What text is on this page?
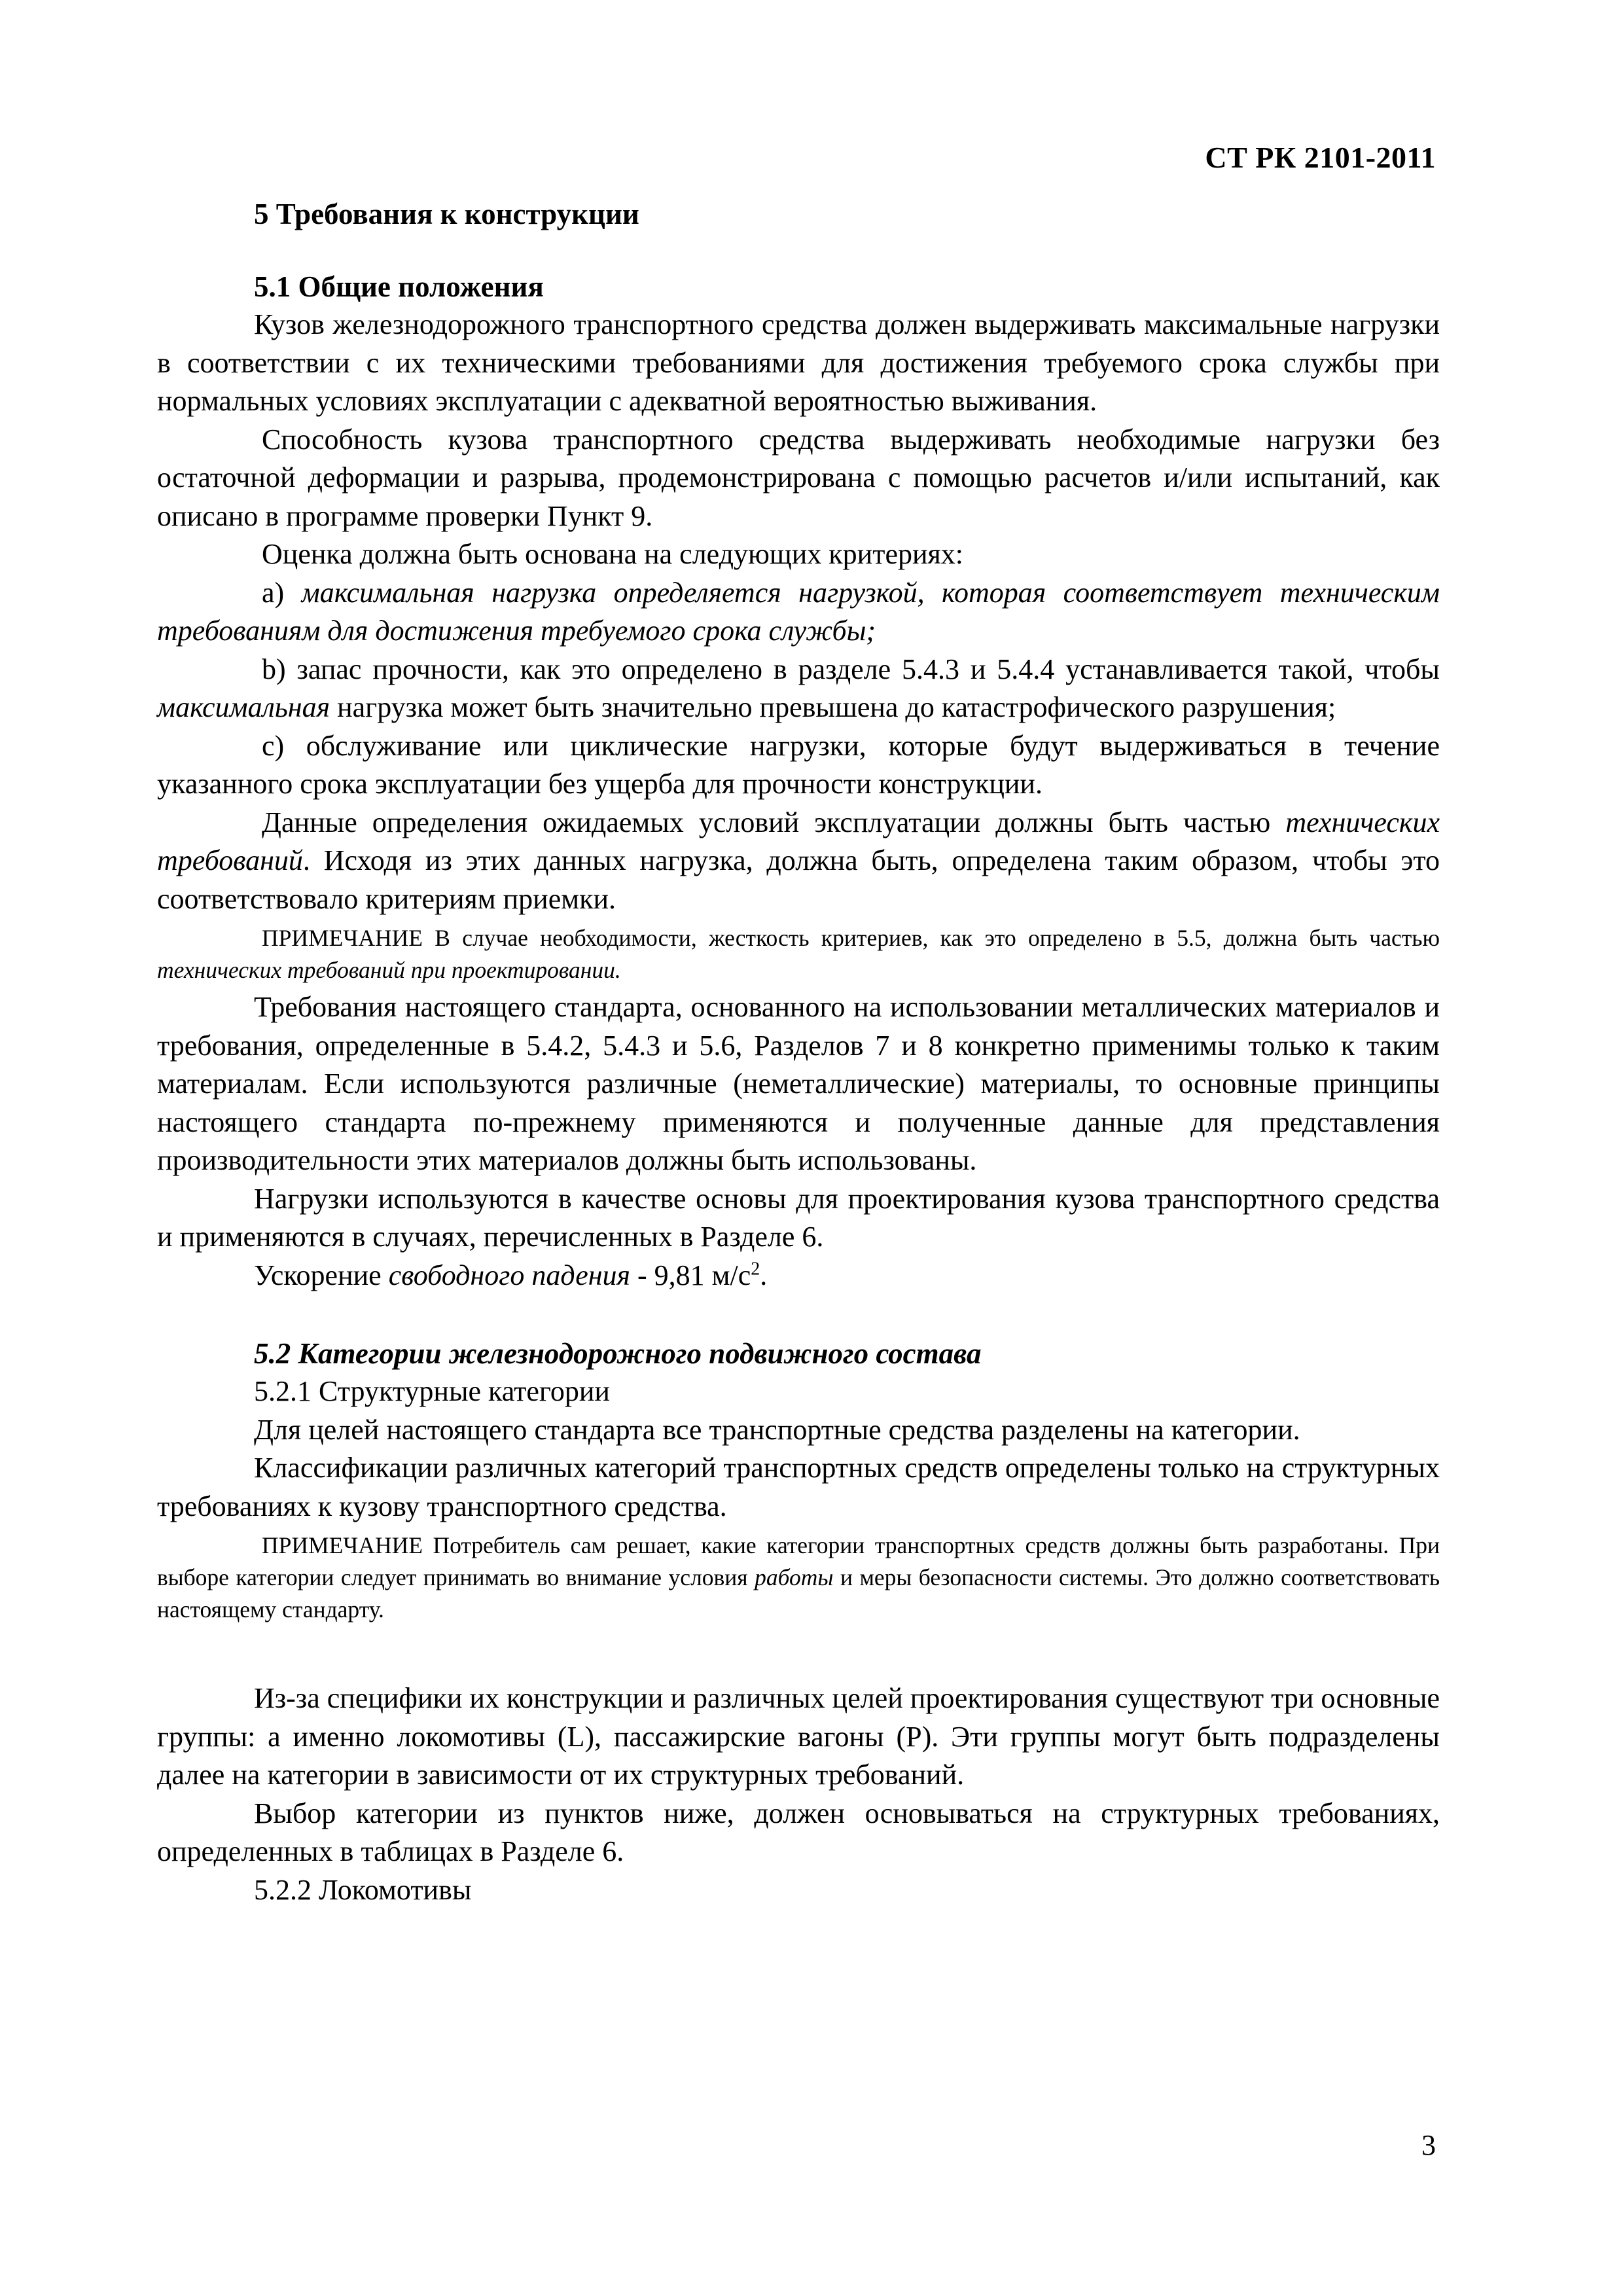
СТ РК 2101-2011
5 Требования к конструкции
5.1 Общие положения

Кузов железнодорожного транспортного средства должен выдерживать максимальные нагрузки в соответствии с их техническими требованиями для достижения требуемого срока службы при нормальных условиях эксплуатации с адекватной вероятностью выживания.

Способность кузова транспортного средства выдерживать необходимые нагрузки без остаточной деформации и разрыва, продемонстрирована с помощью расчетов и/или испытаний, как описано в программе проверки Пункт 9.

Оценка должна быть основана на следующих критериях:

а) максимальная нагрузка определяется нагрузкой, которая соответствует техническим требованиям для достижения требуемого срока службы;

b) запас прочности, как это определено в разделе 5.4.3 и 5.4.4 устанавливается такой, чтобы максимальная нагрузка может быть значительно превышена до катастрофического разрушения;

с) обслуживание или циклические нагрузки, которые будут выдерживаться в течение указанного срока эксплуатации без ущерба для прочности конструкции.

Данные определения ожидаемых условий эксплуатации должны быть частью технических требований. Исходя из этих данных нагрузка, должна быть, определена таким образом, чтобы это соответствовало критериям приемки.

ПРИМЕЧАНИЕ В случае необходимости, жесткость критериев, как это определено в 5.5, должна быть частью технических требований при проектировании.

Требования настоящего стандарта, основанного на использовании металлических материалов и требования, определенные в 5.4.2, 5.4.3 и 5.6, Разделов 7 и 8 конкретно применимы только к таким материалам. Если используются различные (неметаллические) материалы, то основные принципы настоящего стандарта по-прежнему применяются и полученные данные для представления производительности этих материалов должны быть использованы.

Нагрузки используются в качестве основы для проектирования кузова транспортного средства и применяются в случаях, перечисленных в Разделе 6.

Ускорение свободного падения - 9,81 $м/с^2$.

5.2 Категории железнодорожного подвижного состава

5.2.1 Структурные категории

Для целей настоящего стандарта все транспортные средства разделены на категории.

Классификации различных категорий транспортных средств определены только на структурных требованиях к кузову транспортного средства.

ПРИМЕЧАНИЕ Потребитель сам решает, какие категории транспортных средств должны быть разработаны. При выборе категории следует принимать во внимание условия работы и меры безопасности системы. Это должно соответствовать настоящему стандарту.

Из-за специфики их конструкции и различных целей проектирования существуют три основные группы: а именно локомотивы (L), пассажирские вагоны (P). Эти группы могут быть подразделены далее на категории в зависимости от их структурных требований.

Выбор категории из пунктов ниже, должен основываться на структурных требованиях, определенных в таблицах в Разделе 6.

5.2.2 Локомотивы

3
